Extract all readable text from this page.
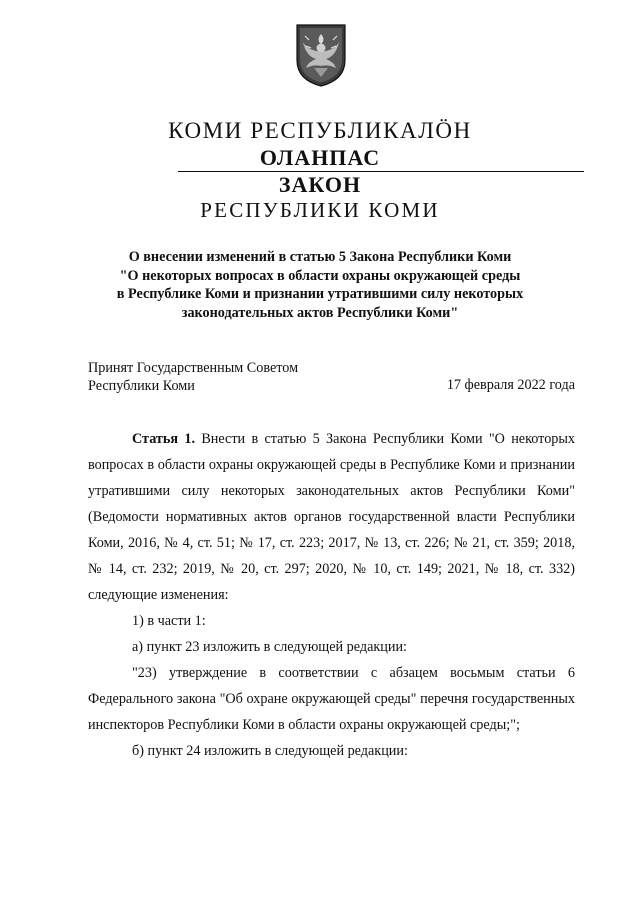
КОМИ РЕСПУБЛИКАЛӦН
ОЛАНПАС
ЗАКОН
РЕСПУБЛИКИ КОМИ
О внесении изменений в статью 5 Закона Республики Коми
"О некоторых вопросах в области охраны окружающей среды
в Республике Коми и признании утратившими силу некоторых
законодательных актов Республики Коми"
Принят Государственным Советом
Республики Коми	17 февраля 2022 года

Статья 1. Внести в статью 5 Закона Республики Коми "О некоторых вопросах в области охраны окружающей среды в Республике Коми и признании утратившими силу некоторых законодательных актов Республики Коми" (Ведомости нормативных актов органов государственной власти Республики Коми, 2016, № 4, ст. 51; № 17, ст. 223; 2017, № 13, ст. 226; № 21, ст. 359; 2018, № 14, ст. 232; 2019, № 20, ст. 297; 2020, № 10, ст. 149; 2021, № 18, ст. 332) следующие изменения:

1) в части 1:

а) пункт 23 изложить в следующей редакции:

"23) утверждение в соответствии с абзацем восьмым статьи 6 Федерального закона "Об охране окружающей среды" перечня государственных инспекторов Республики Коми в области охраны окружающей среды;";

б) пункт 24 изложить в следующей редакции:
